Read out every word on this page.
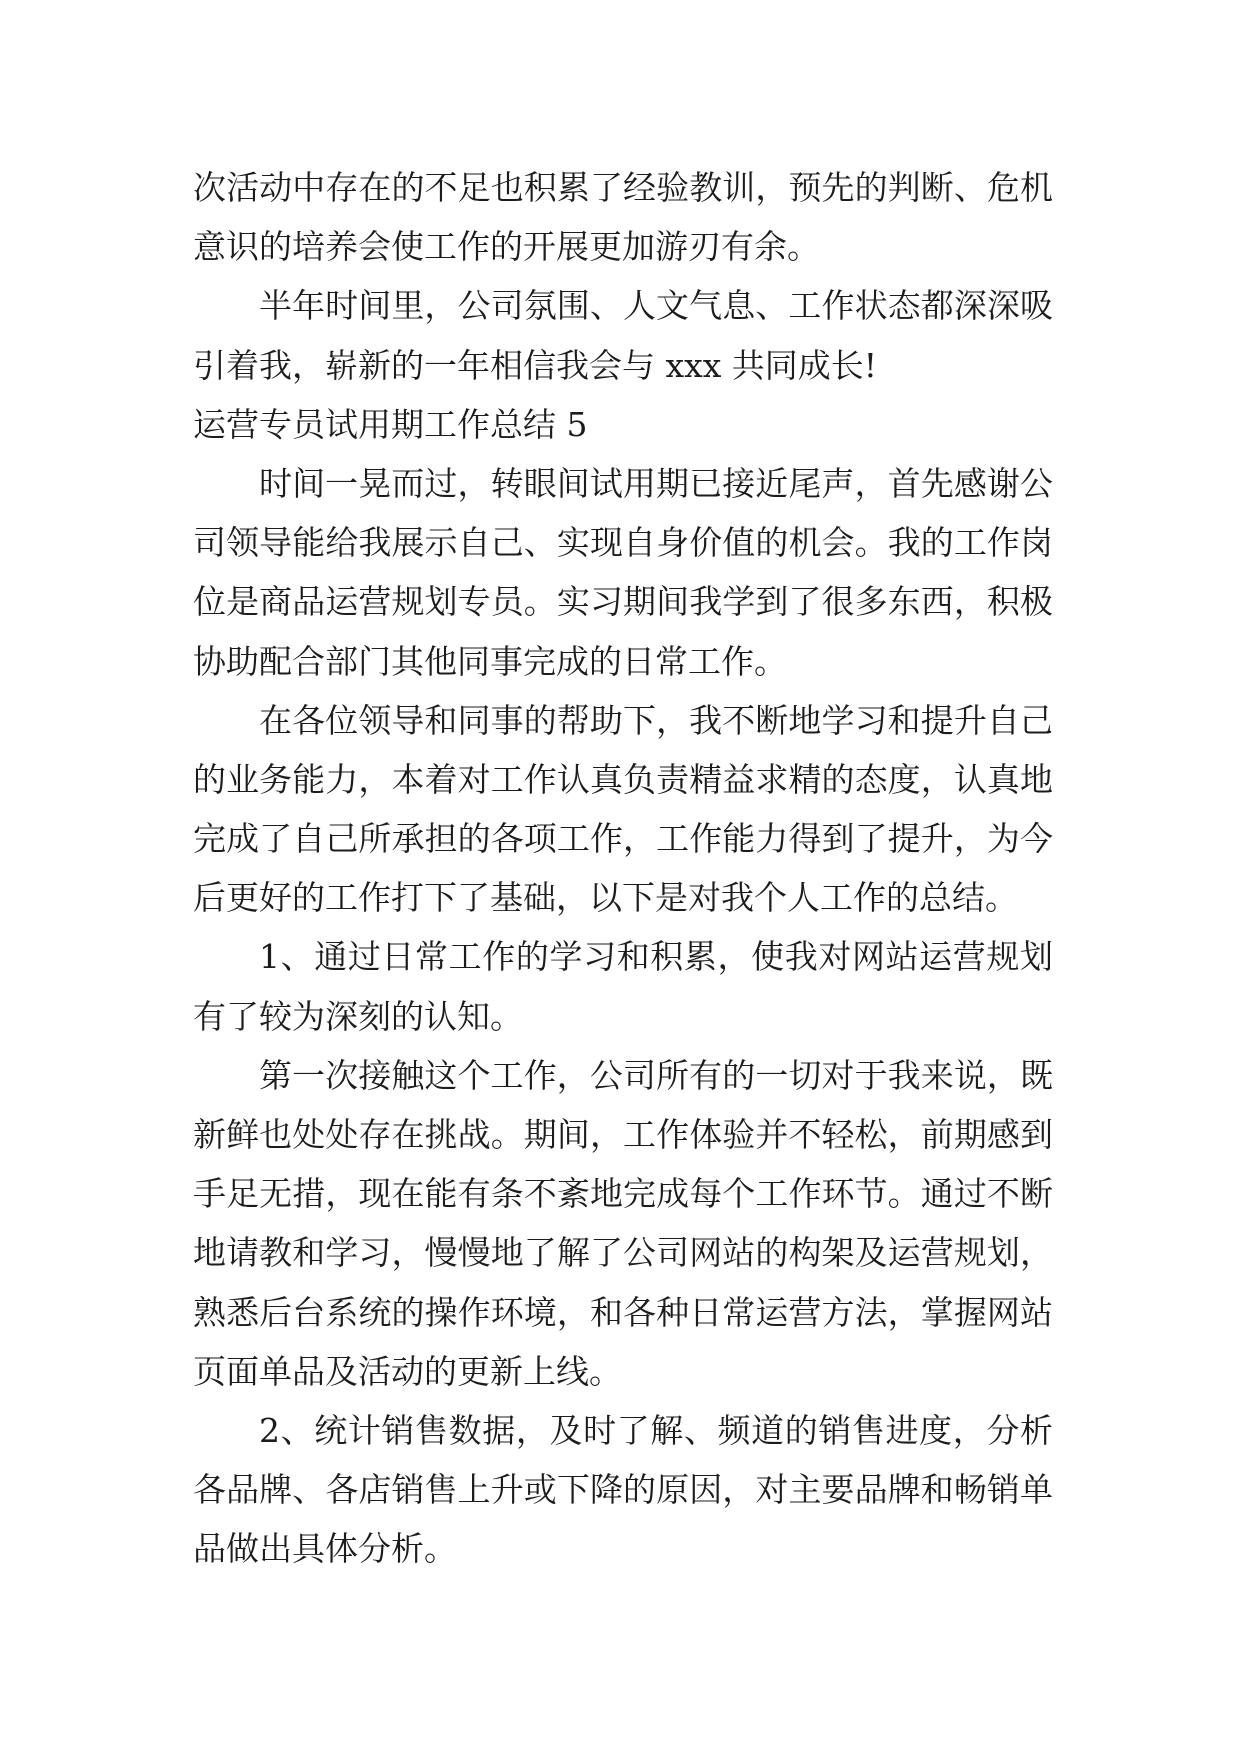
次活动中存在的不足也积累了经验教训，预先的判断、危机
意识的培养会使工作的开展更加游刃有余。
半年时间里，公司氛围、人文气息、工作状态都深深吸
引着我，崭新的一年相信我会与 xxx 共同成长!
运营专员试用期工作总结 5
时间一晃而过，转眼间试用期已接近尾声，首先感谢公
司领导能给我展示自己、实现自身价值的机会。我的工作岗
位是商品运营规划专员。实习期间我学到了很多东西，积极
协助配合部门其他同事完成的日常工作。
在各位领导和同事的帮助下，我不断地学习和提升自己
的业务能力，本着对工作认真负责精益求精的态度，认真地
完成了自己所承担的各项工作，工作能力得到了提升，为今
后更好的工作打下了基础，以下是对我个人工作的总结。
1、通过日常工作的学习和积累，使我对网站运营规划
有了较为深刻的认知。
第一次接触这个工作，公司所有的一切对于我来说，既
新鲜也处处存在挑战。期间，工作体验并不轻松，前期感到
手足无措，现在能有条不紊地完成每个工作环节。通过不断
地请教和学习，慢慢地了解了公司网站的构架及运营规划，
熟悉后台系统的操作环境，和各种日常运营方法，掌握网站
页面单品及活动的更新上线。
2、统计销售数据，及时了解、频道的销售进度，分析
各品牌、各店销售上升或下降的原因，对主要品牌和畅销单
品做出具体分析。
